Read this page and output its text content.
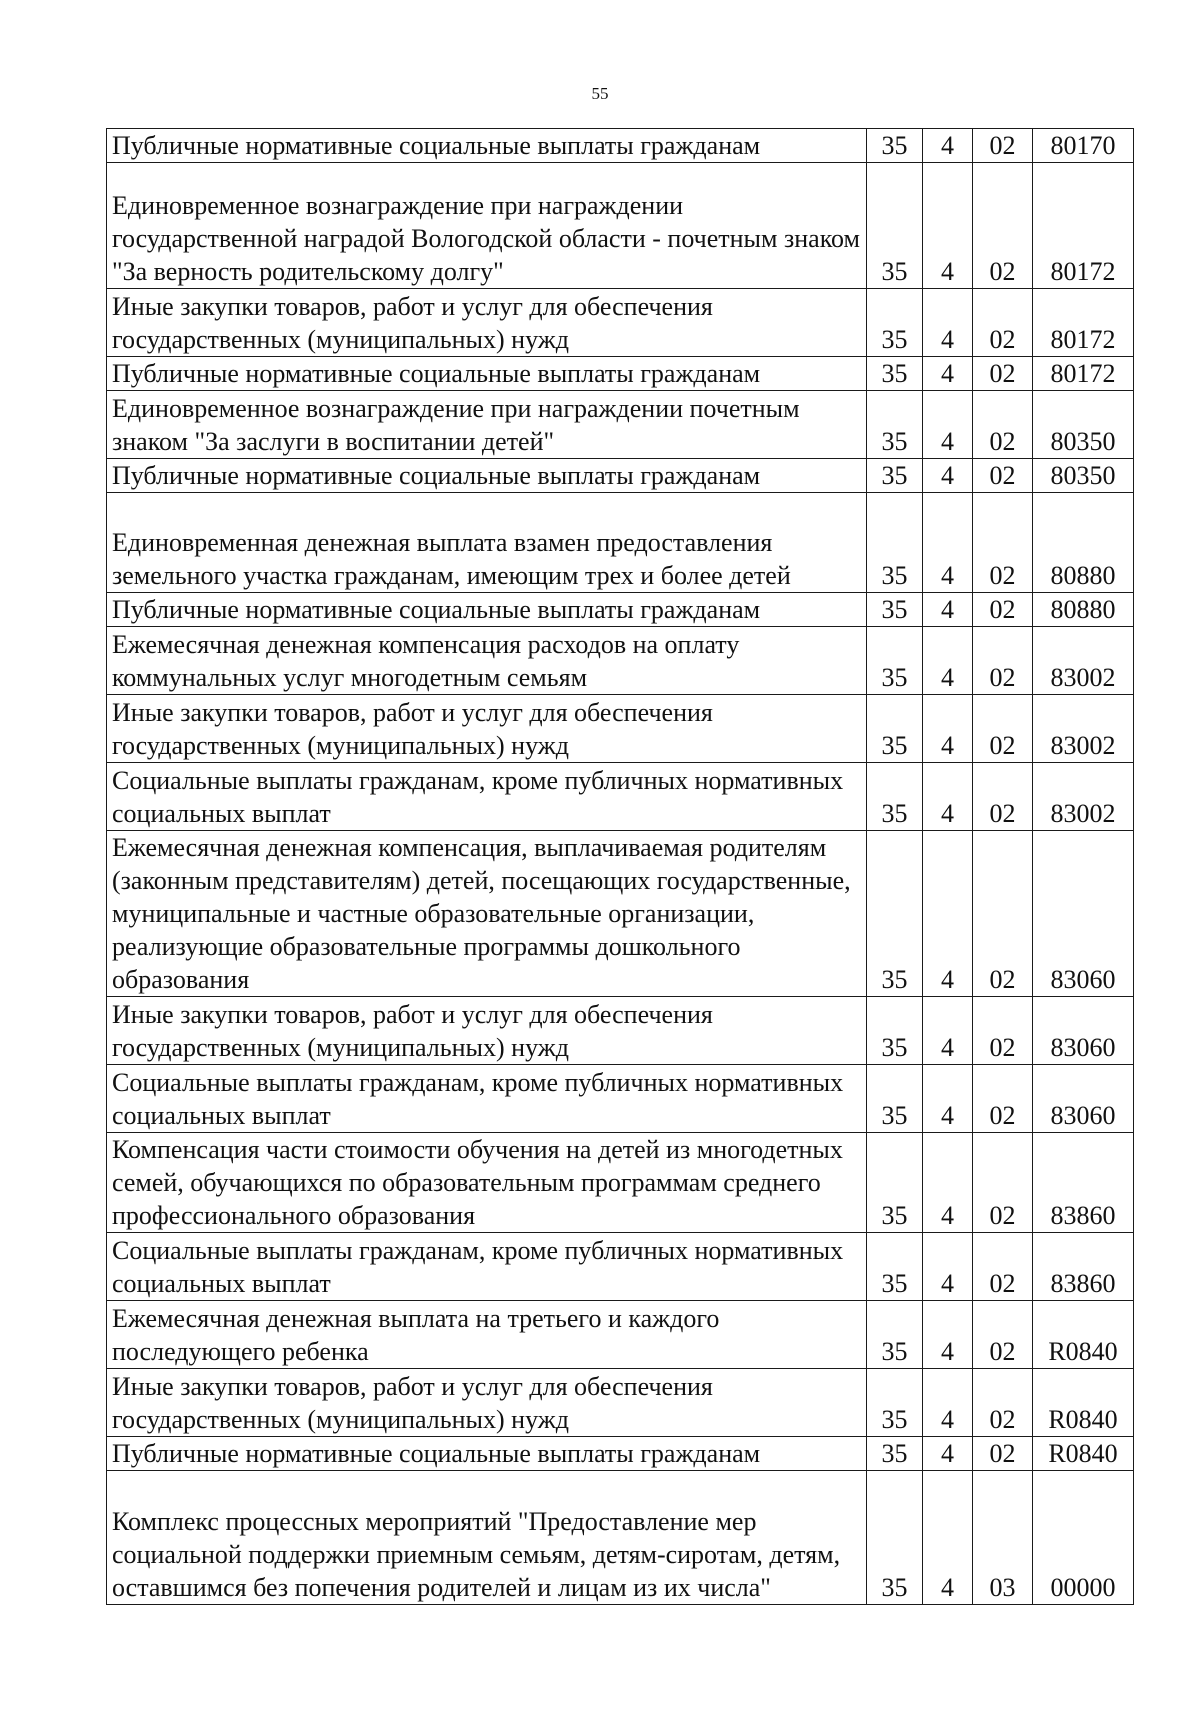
55
Публичные нормативные социальные выплаты гражданам	35	4	02	80170
Единовременное вознаграждение при награждении государственной наградой Вологодской области - почетным знаком "За верность родительскому долгу"	35	4	02	80172
Иные закупки товаров, работ и услуг для обеспечения государственных (муниципальных) нужд	35	4	02	80172
Публичные нормативные социальные выплаты гражданам	35	4	02	80172
Единовременное вознаграждение при награждении почетным знаком "За заслуги в воспитании детей"	35	4	02	80350
Публичные нормативные социальные выплаты гражданам	35	4	02	80350
Единовременная денежная выплата взамен предоставления земельного участка гражданам, имеющим трех и более детей	35	4	02	80880
Публичные нормативные социальные выплаты гражданам	35	4	02	80880
Ежемесячная денежная компенсация расходов на оплату коммунальных услуг многодетным семьям	35	4	02	83002
Иные закупки товаров, работ и услуг для обеспечения государственных (муниципальных) нужд	35	4	02	83002
Социальные выплаты гражданам, кроме публичных нормативных социальных выплат	35	4	02	83002
Ежемесячная денежная компенсация, выплачиваемая родителям (законным представителям) детей, посещающих государственные, муниципальные и частные образовательные организации, реализующие образовательные программы дошкольного образования	35	4	02	83060
Иные закупки товаров, работ и услуг для обеспечения государственных (муниципальных) нужд	35	4	02	83060
Социальные выплаты гражданам, кроме публичных нормативных социальных выплат	35	4	02	83060
Компенсация части стоимости обучения на детей из многодетных семей, обучающихся по образовательным программам среднего профессионального образования	35	4	02	83860
Социальные выплаты гражданам, кроме публичных нормативных социальных выплат	35	4	02	83860
Ежемесячная денежная выплата на третьего и каждого последующего ребенка	35	4	02	R0840
Иные закупки товаров, работ и услуг для обеспечения государственных (муниципальных) нужд	35	4	02	R0840
Публичные нормативные социальные выплаты гражданам	35	4	02	R0840
Комплекс процессных мероприятий "Предоставление мер социальной поддержки приемным семьям, детям-сиротам, детям, оставшимся без попечения родителей и лицам из их числа"	35	4	03	00000
